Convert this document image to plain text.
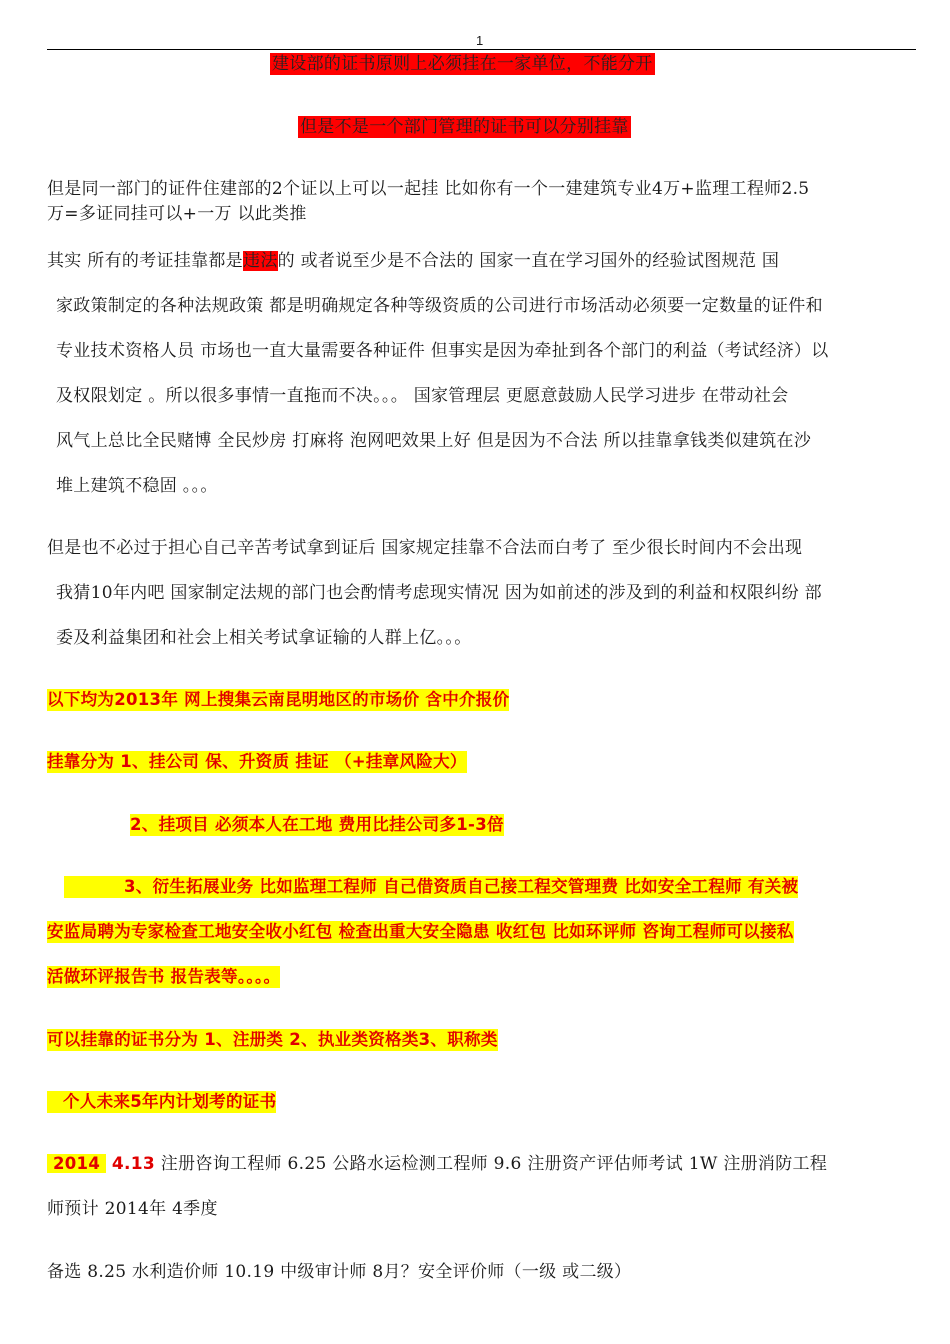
1
建设部的证书原则上必须挂在一家单位，不能分开
但是不是一个部门管理的证书可以分别挂靠
但是同一部门的证件住建部的2个证以上可以一起挂 比如你有一个一建建筑专业4万+监理工程师2.5
万=多证同挂可以+一万 以此类推
其实 所有的考证挂靠都是违法的 或者说至少是不合法的 国家一直在学习国外的经验试图规范 国
家政策制定的各种法规政策 都是明确规定各种等级资质的公司进行市场活动必须要一定数量的证件和
专业技术资格人员 市场也一直大量需要各种证件 但事实是因为牵扯到各个部门的利益（考试经济）以
及权限划定 。所以很多事情一直拖而不决。。。 国家管理层 更愿意鼓励人民学习进步 在带动社会
风气上总比全民赌博 全民炒房 打麻将 泡网吧效果上好 但是因为不合法 所以挂靠拿钱类似建筑在沙
堆上建筑不稳固 。。。
但是也不必过于担心自己辛苦考试拿到证后 国家规定挂靠不合法而白考了 至少很长时间内不会出现
我猜10年内吧 国家制定法规的部门也会酌情考虑现实情况 因为如前述的涉及到的利益和权限纠纷 部
委及利益集团和社会上相关考试拿证输的人群上亿。。。
以下均为2013年 网上搜集云南昆明地区的市场价 含中介报价
挂靠分为 1、挂公司 保、升资质 挂证 （+挂章风险大）
2、挂项目 必须本人在工地 费用比挂公司多1-3倍
3、衍生拓展业务 比如监理工程师 自己借资质自己接工程交管理费 比如安全工程师 有关被
安监局聘为专家检查工地安全收小红包 检查出重大安全隐患 收红包 比如环评师 咨询工程师可以接私
活做环评报告书 报告表等。。。。
可以挂靠的证书分为 1、注册类 2、执业类资格类3、职称类
个人未来5年内计划考的证书
2014 4.13 注册咨询工程师 6.25 公路水运检测工程师 9.6 注册资产评估师考试 1W 注册消防工程
师预计 2014年 4季度
备选 8.25 水利造价师 10.19 中级审计师 8月？安全评价师（一级 或二级）
